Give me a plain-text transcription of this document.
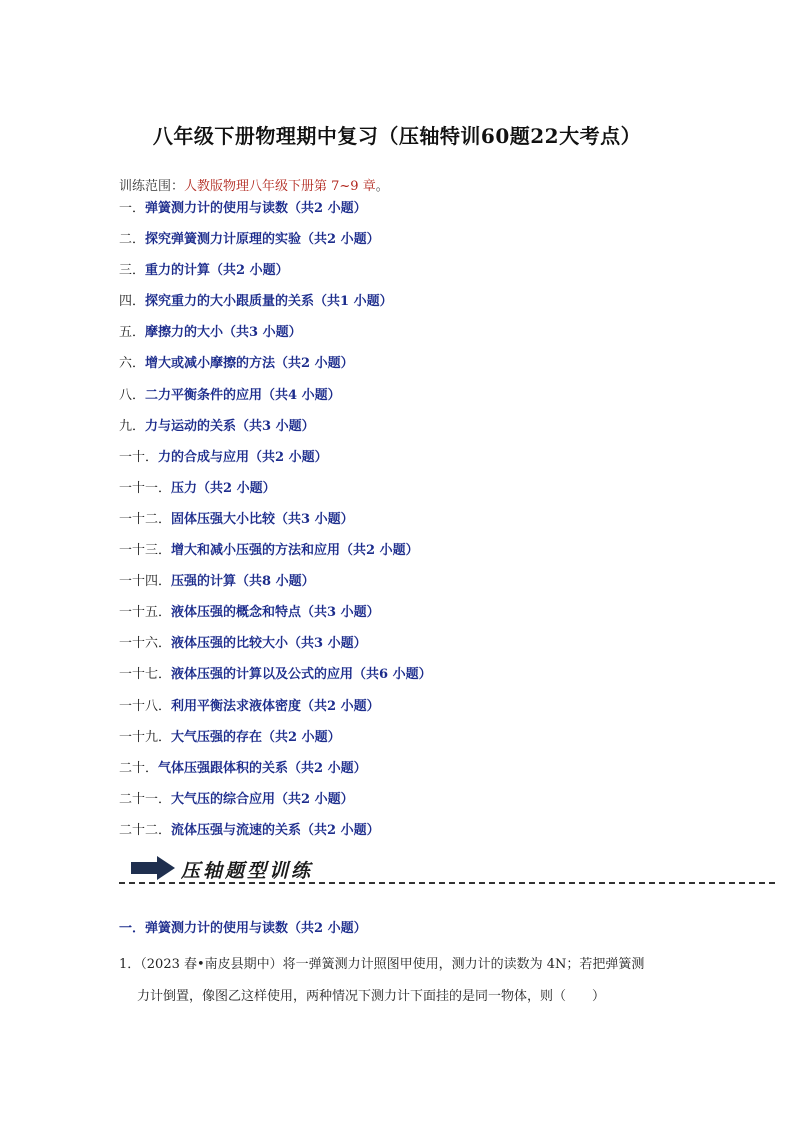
八年级下册物理期中复习（压轴特训60题22大考点）
训练范围：人教版物理八年级下册第 7~9 章。
一．弹簧测力计的使用与读数（共2 小题）
二．探究弹簧测力计原理的实验（共2 小题）
三．重力的计算（共2 小题）
四．探究重力的大小跟质量的关系（共1 小题）
五．摩擦力的大小（共3 小题）
六．增大或减小摩擦的方法（共2 小题）
八．二力平衡条件的应用（共4 小题）
九．力与运动的关系（共3 小题）
一十．力的合成与应用（共2 小题）
一十一．压力（共2 小题）
一十二．固体压强大小比较（共3 小题）
一十三．增大和减小压强的方法和应用（共2 小题）
一十四．压强的计算（共8 小题）
一十五．液体压强的概念和特点（共3 小题）
一十六．液体压强的比较大小（共3 小题）
一十七．液体压强的计算以及公式的应用（共6 小题）
一十八．利用平衡法求液体密度（共2 小题）
一十九．大气压强的存在（共2 小题）
二十．气体压强跟体积的关系（共2 小题）
二十一．大气压的综合应用（共2 小题）
二十二．流体压强与流速的关系（共2 小题）
压轴题型训练
一．弹簧测力计的使用与读数（共2 小题）
1．（2023 春•南皮县期中）将一弹簧测力计照图甲使用，测力计的读数为 4N；若把弹簧测
力计倒置，像图乙这样使用，两种情况下测力计下面挂的是同一物体，则（　　）
